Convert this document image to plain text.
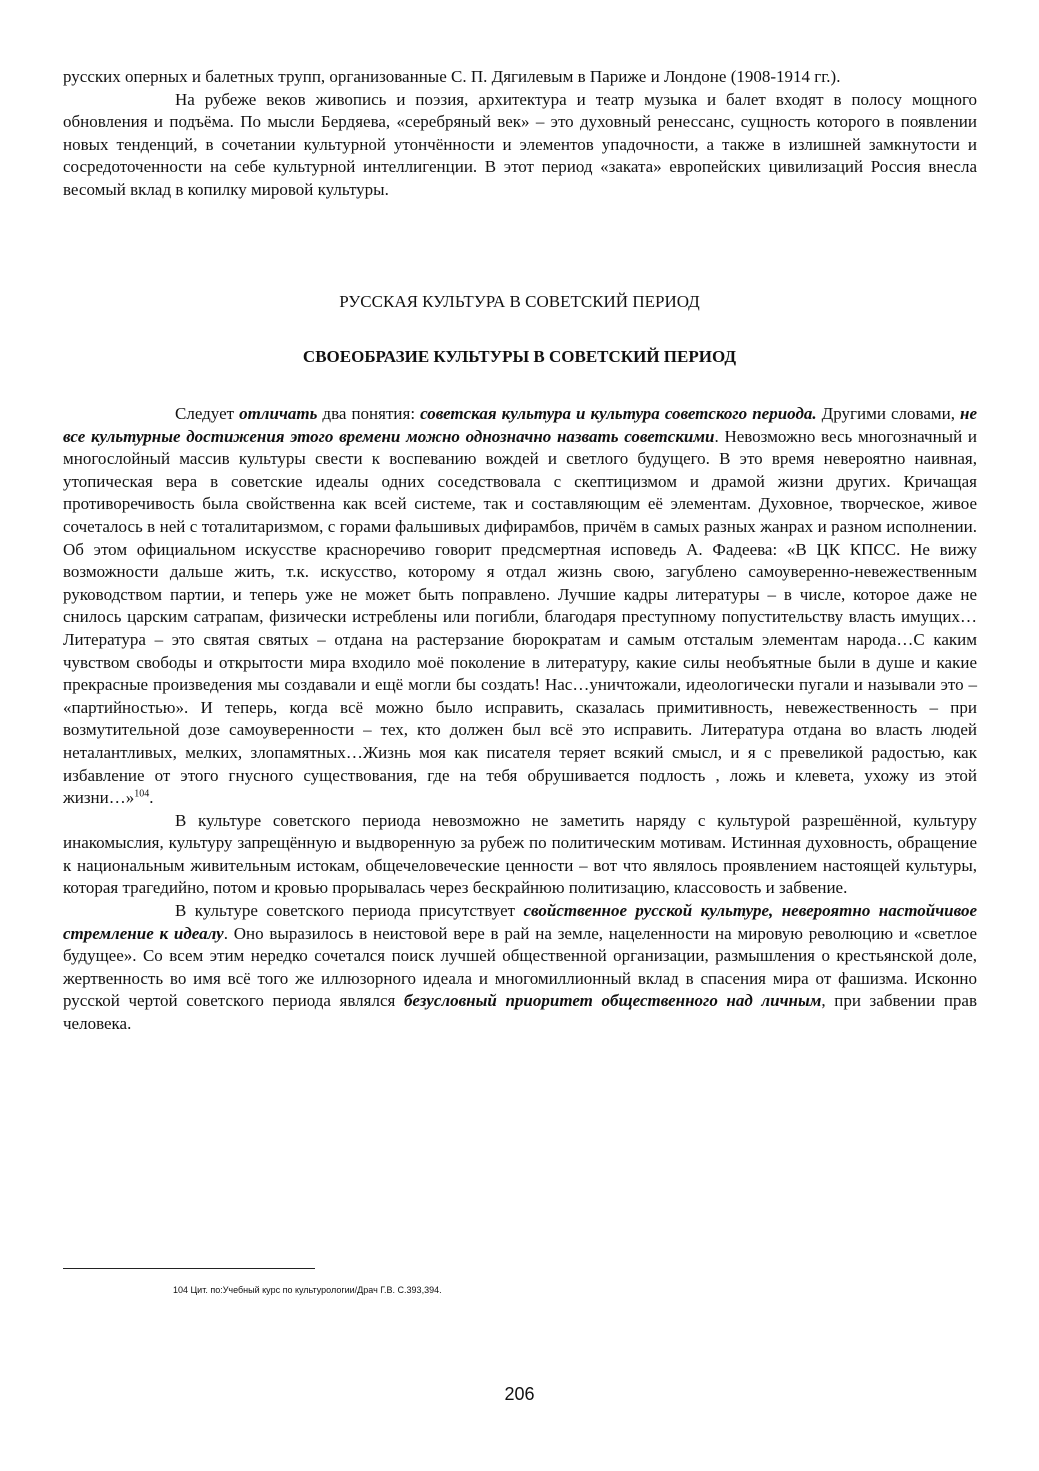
русских оперных и балетных трупп, организованные С. П. Дягилевым в Париже и Лондоне (1908-1914 гг.).

На рубеже веков живопись и поэзия, архитектура и театр музыка и балет входят в полосу мощного обновления и подъёма. По мысли Бердяева, «серебряный век» – это духовный ренессанс, сущность которого в появлении новых тенденций, в сочетании культурной утончённости и элементов упадочности, а также в излишней замкнутости и сосредоточенности на себе культурной интеллигенции. В этот период «заката» европейских цивилизаций Россия внесла весомый вклад в копилку мировой культуры.

РУССКАЯ КУЛЬТУРА В СОВЕТСКИЙ ПЕРИОД
СВОЕОБРАЗИЕ КУЛЬТУРЫ В СОВЕТСКИЙ ПЕРИОД

Следует отличать два понятия: советская культура и культура советского периода. Другими словами, не все культурные достижения этого времени можно однозначно назвать советскими. Невозможно весь многозначный и многослойный массив культуры свести к воспеванию вождей и светлого будущего. В это время невероятно наивная, утопическая вера в советские идеалы одних соседствовала с скептицизмом и драмой жизни других. Кричащая противоречивость была свойственна как всей системе, так и составляющим её элементам. Духовное, творческое, живое сочеталось в ней с тоталитаризмом, с горами фальшивых дифирамбов, причём в самых разных жанрах и разном исполнении. Об этом официальном искусстве красноречиво говорит предсмертная исповедь А. Фадеева: «В ЦК КПСС. Не вижу возможности дальше жить, т.к. искусство, которому я отдал жизнь свою, загублено самоуверенно-невежественным руководством партии, и теперь уже не может быть поправлено. Лучшие кадры литературы – в числе, которое даже не снилось царским сатрапам, физически истреблены или погибли, благодаря преступному попустительству власть имущих…Литература – это святая святых – отдана на растерзание бюрократам и самым отсталым элементам народа…С каким чувством свободы и открытости мира входило моё поколение в литературу, какие силы необъятные были в душе и какие прекрасные произведения мы создавали и ещё могли бы создать! Нас…уничтожали, идеологически пугали и называли это – «партийностью». И теперь, когда всё можно было исправить, сказалась примитивность, невежественность – при возмутительной дозе самоуверенности – тех, кто должен был всё это исправить. Литература отдана во власть людей неталантливых, мелких, злопамятных…Жизнь моя как писателя теряет всякий смысл, и я с превеликой радостью, как избавление от этого гнусного существования, где на тебя обрушивается подлость , ложь и клевета, ухожу из этой жизни…»$^{104}$.

В культуре советского периода невозможно не заметить наряду с культурой разрешённой, культуру инакомыслия, культуру запрещённую и выдворенную за рубеж по политическим мотивам. Истинная духовность, обращение к национальным живительным истокам, общечеловеческие ценности – вот что являлось проявлением настоящей культуры, которая трагедийно, потом и кровью прорывалась через бескрайнюю политизацию, классовость и забвение.

В культуре советского периода присутствует свойственное русской культуре, невероятно настойчивое стремление к идеалу. Оно выразилось в неистовой вере в рай на земле, нацеленности на мировую революцию и «светлое будущее». Со всем этим нередко сочетался поиск лучшей общественной организации, размышления о крестьянской доле, жертвенность во имя всё того же иллюзорного идеала и многомиллионный вклад в спасения мира от фашизма. Исконно русской чертой советского периода являлся безусловный приоритет общественного над личным, при забвении прав человека.

104 Цит. по:Учебный курс по культурологии/Драч Г.В. С.393,394.
206
